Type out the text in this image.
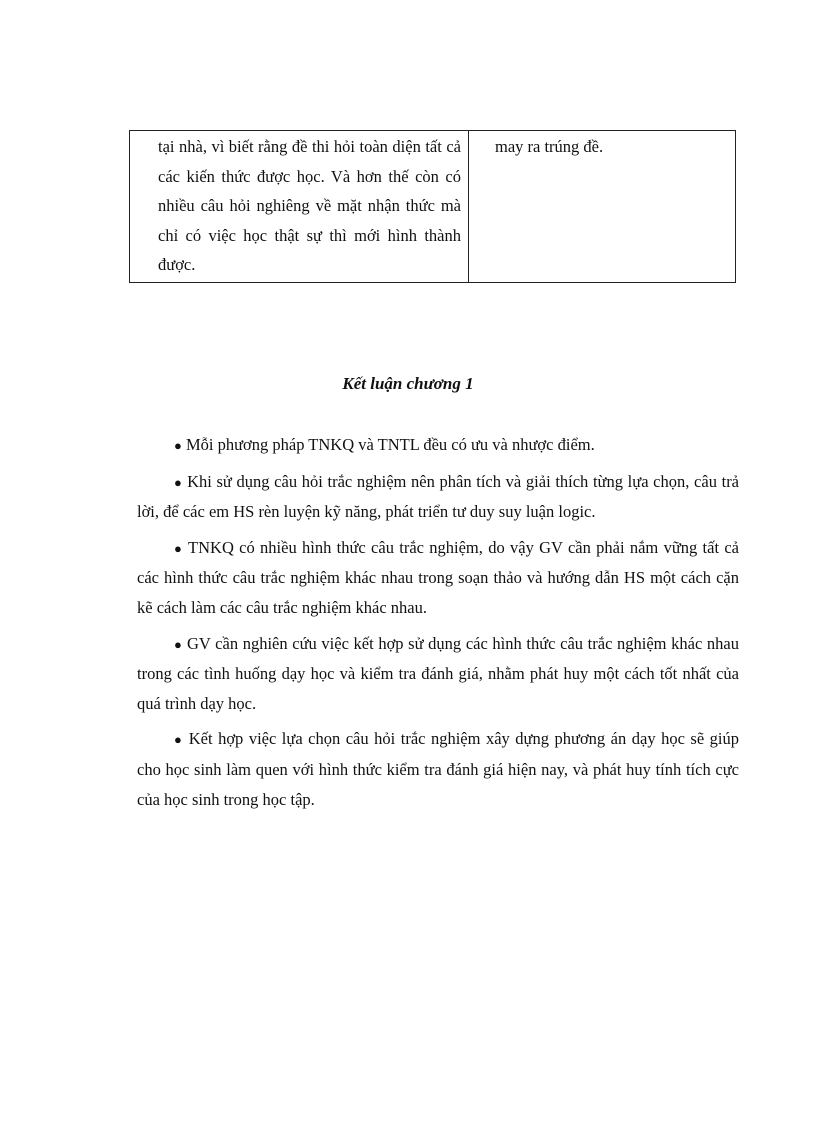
tại nhà, vì biết rằng đề thi hỏi toàn diện tất cả các kiến thức được học. Và hơn thế còn có nhiều câu hỏi nghiêng về mặt nhận thức mà chỉ có việc học thật sự thì mới hình thành được.	may ra trúng đề.
Kết luận chương 1

● Mỗi phương pháp TNKQ và TNTL đều có ưu và nhược điểm.

● Khi sử dụng câu hỏi trắc nghiệm nên phân tích và giải thích từng lựa chọn, câu trả lời, để các em HS rèn luyện kỹ năng, phát triển tư duy suy luận logic.

● TNKQ có nhiều hình thức câu trắc nghiệm, do vậy GV cần phải nắm vững tất cả các hình thức câu trắc nghiệm khác nhau trong soạn thảo và hướng dẫn HS một cách cặn kẽ cách làm các câu trắc nghiệm khác nhau.

● GV cần nghiên cứu việc kết hợp sử dụng các hình thức câu trắc nghiệm khác nhau trong các tình huống dạy học và kiểm tra đánh giá, nhằm phát huy một cách tốt nhất của quá trình dạy học.

● Kết hợp việc lựa chọn câu hỏi trắc nghiệm xây dựng phương án dạy học sẽ giúp cho học sinh làm quen với hình thức kiểm tra đánh giá hiện nay, và phát huy tính tích cực của học sinh trong học tập.
